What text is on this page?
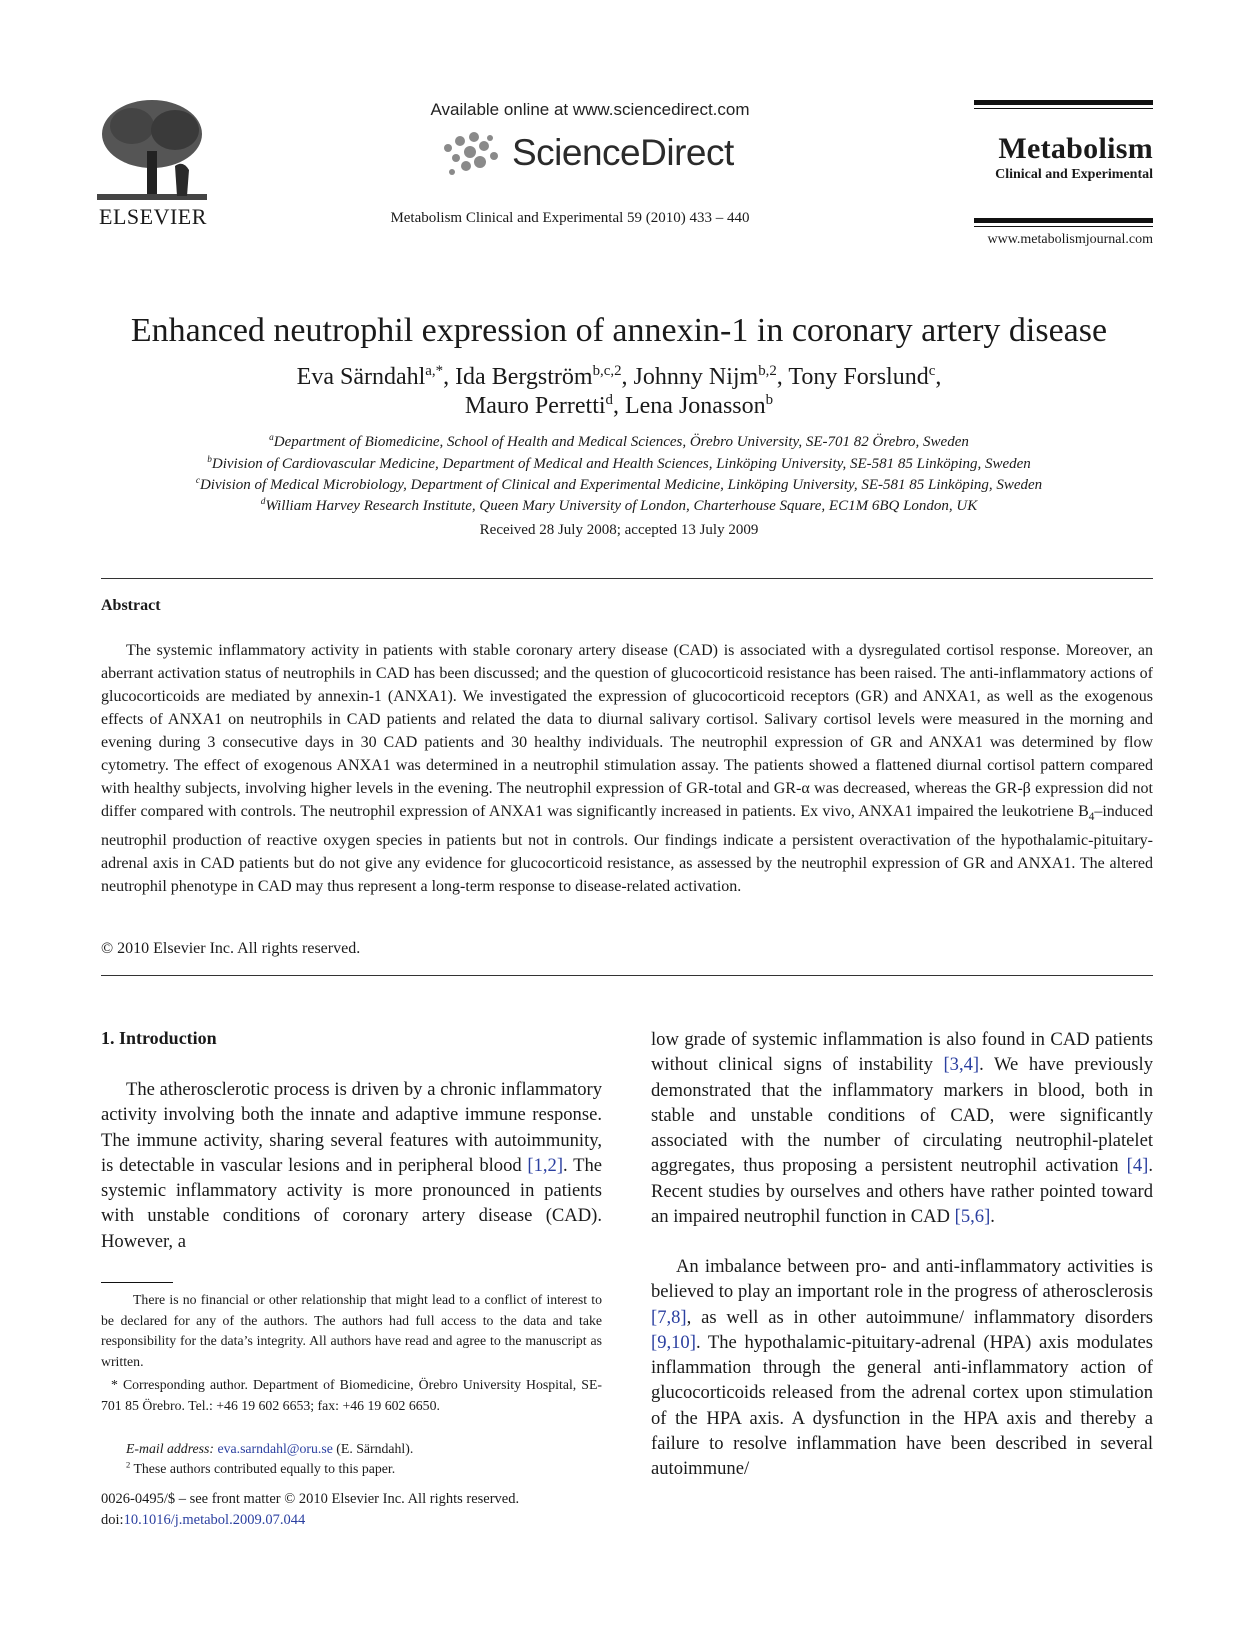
ELSEVIER
Available online at www.sciencedirect.com
ScienceDirect
Metabolism Clinical and Experimental 59 (2010) 433 – 440
Metabolism
Clinical and Experimental
www.metabolismjournal.com
Enhanced neutrophil expression of annexin-1 in coronary artery disease
Eva Särndahl$^{a,*}$, Ida Bergström$^{b,c,2}$, Johnny Nijm$^{b,2}$, Tony Forslund$^c$,
Mauro Perretti$^d$, Lena Jonasson$^b$
$^a$Department of Biomedicine, School of Health and Medical Sciences, Örebro University, SE-701 82 Örebro, Sweden
$^b$Division of Cardiovascular Medicine, Department of Medical and Health Sciences, Linköping University, SE-581 85 Linköping, Sweden
$^c$Division of Medical Microbiology, Department of Clinical and Experimental Medicine, Linköping University, SE-581 85 Linköping, Sweden
$^d$William Harvey Research Institute, Queen Mary University of London, Charterhouse Square, EC1M 6BQ London, UK
Received 28 July 2008; accepted 13 July 2009
Abstract
The systemic inflammatory activity in patients with stable coronary artery disease (CAD) is associated with a dysregulated cortisol response. Moreover, an aberrant activation status of neutrophils in CAD has been discussed; and the question of glucocorticoid resistance has been raised. The anti-inflammatory actions of glucocorticoids are mediated by annexin-1 (ANXA1). We investigated the expression of glucocorticoid receptors (GR) and ANXA1, as well as the exogenous effects of ANXA1 on neutrophils in CAD patients and related the data to diurnal salivary cortisol. Salivary cortisol levels were measured in the morning and evening during 3 consecutive days in 30 CAD patients and 30 healthy individuals. The neutrophil expression of GR and ANXA1 was determined by flow cytometry. The effect of exogenous ANXA1 was determined in a neutrophil stimulation assay. The patients showed a flattened diurnal cortisol pattern compared with healthy subjects, involving higher levels in the evening. The neutrophil expression of GR-total and GR-α was decreased, whereas the GR-β expression did not differ compared with controls. The neutrophil expression of ANXA1 was significantly increased in patients. Ex vivo, ANXA1 impaired the leukotriene $B_4$–induced neutrophil production of reactive oxygen species in patients but not in controls. Our findings indicate a persistent overactivation of the hypothalamic-pituitary-adrenal axis in CAD patients but do not give any evidence for glucocorticoid resistance, as assessed by the neutrophil expression of GR and ANXA1. The altered neutrophil phenotype in CAD may thus represent a long-term response to disease-related activation.
© 2010 Elsevier Inc. All rights reserved.
1. Introduction
The atherosclerotic process is driven by a chronic inflammatory activity involving both the innate and adaptive immune response. The immune activity, sharing several features with autoimmunity, is detectable in vascular lesions and in peripheral blood [1,2]. The systemic inflammatory activity is more pronounced in patients with unstable conditions of coronary artery disease (CAD). However, a
low grade of systemic inflammation is also found in CAD patients without clinical signs of instability [3,4]. We have previously demonstrated that the inflammatory markers in blood, both in stable and unstable conditions of CAD, were significantly associated with the number of circulating neutrophil-platelet aggregates, thus proposing a persistent neutrophil activation [4]. Recent studies by ourselves and others have rather pointed toward an impaired neutrophil function in CAD [5,6].
An imbalance between pro- and anti-inflammatory activities is believed to play an important role in the progress of atherosclerosis [7,8], as well as in other autoimmune/ inflammatory disorders [9,10]. The hypothalamic-pituitary-adrenal (HPA) axis modulates inflammation through the general anti-inflammatory action of glucocorticoids released from the adrenal cortex upon stimulation of the HPA axis. A dysfunction in the HPA axis and thereby a failure to resolve inflammation have been described in several autoimmune/
There is no financial or other relationship that might lead to a conflict of interest to be declared for any of the authors. The authors had full access to the data and take responsibility for the data’s integrity. All authors have read and agree to the manuscript as written.
* Corresponding author. Department of Biomedicine, Örebro University Hospital, SE-701 85 Örebro. Tel.: +46 19 602 6653; fax: +46 19 602 6650.
E-mail address: eva.sarndahl@oru.se (E. Särndahl).
$^2$ These authors contributed equally to this paper.
0026-0495/$ – see front matter © 2010 Elsevier Inc. All rights reserved.
doi:10.1016/j.metabol.2009.07.044
